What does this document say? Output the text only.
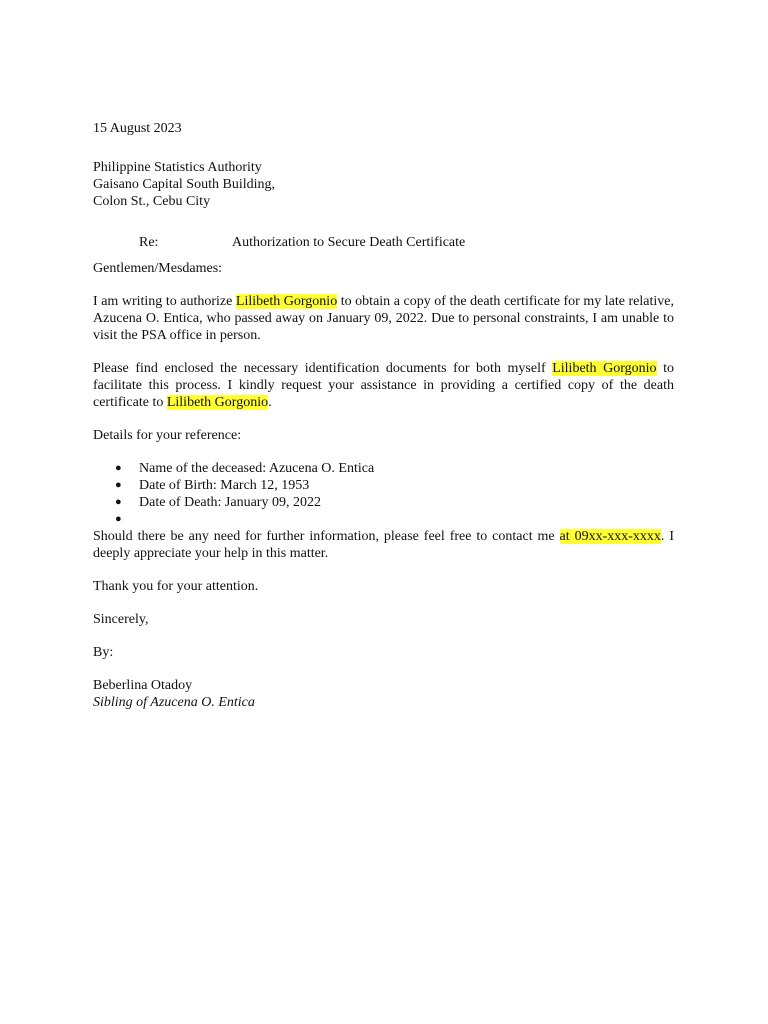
15 August 2023
Philippine Statistics Authority
Gaisano Capital South Building,
Colon St., Cebu City
Re:	Authorization to Secure Death Certificate
Gentlemen/Mesdames:

I am writing to authorize Lilibeth Gorgonio to obtain a copy of the death certificate for my late relative, Azucena O. Entica, who passed away on January 09, 2022. Due to personal constraints, I am unable to visit the PSA office in person.

Please find enclosed the necessary identification documents for both myself Lilibeth Gorgonio to facilitate this process. I kindly request your assistance in providing a certified copy of the death certificate to Lilibeth Gorgonio.

Details for your reference:
● Name of the deceased: Azucena O. Entica
● Date of Birth: March 12, 1953
● Date of Death: January 09, 2022
●

Should there be any need for further information, please feel free to contact me at 09xx-xxx-xxxx. I deeply appreciate your help in this matter.

Thank you for your attention.
Sincerely,
By:
Beberlina Otadoy
Sibling of Azucena O. Entica
